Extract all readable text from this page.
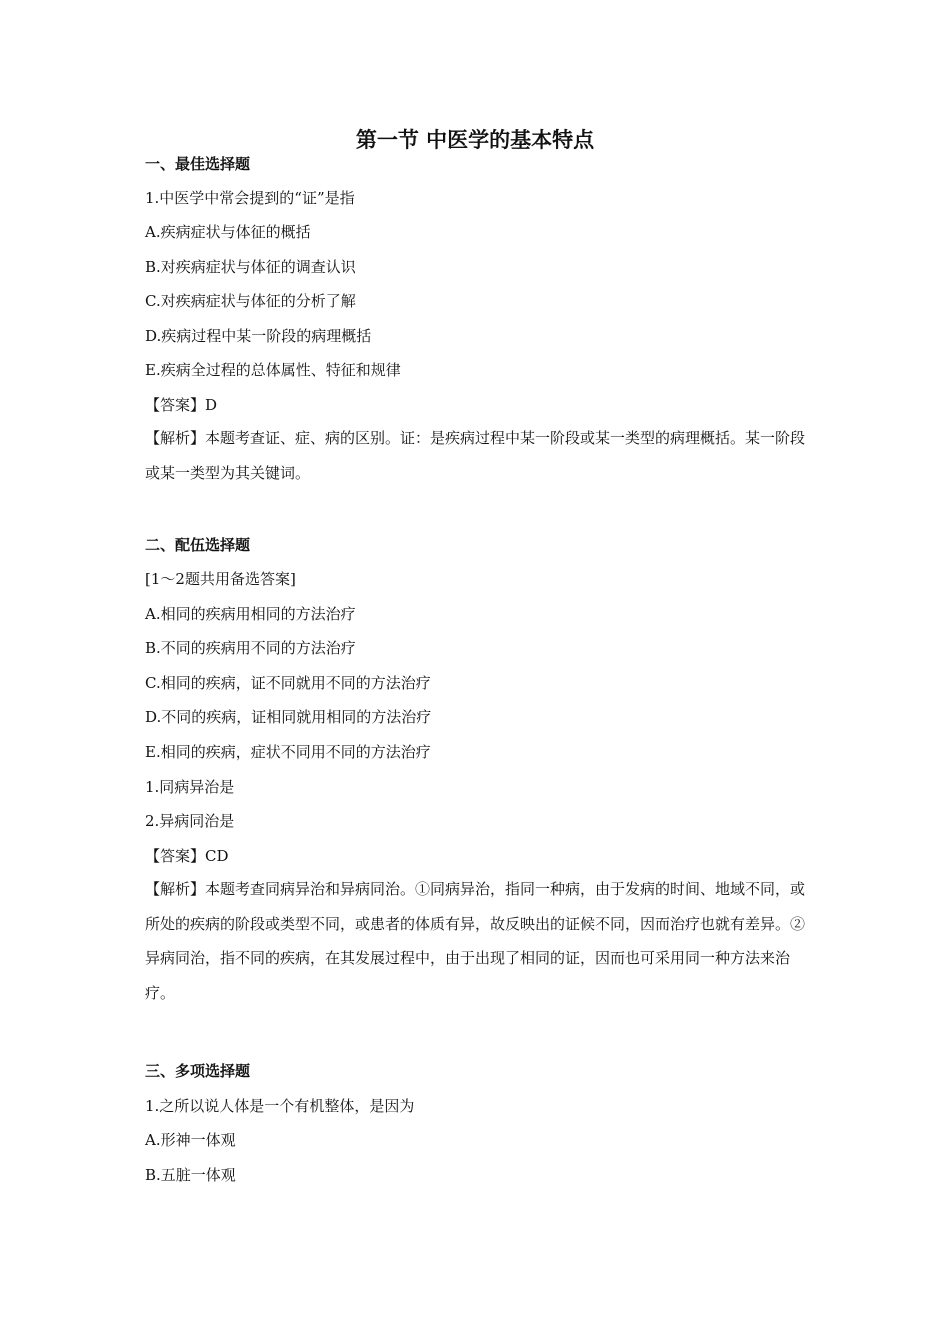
第一节 中医学的基本特点
一、最佳选择题
1.中医学中常会提到的“证”是指
A.疾病症状与体征的概括
B.对疾病症状与体征的调查认识
C.对疾病症状与体征的分析了解
D.疾病过程中某一阶段的病理概括
E.疾病全过程的总体属性、特征和规律
【答案】D
【解析】本题考查证、症、病的区别。证：是疾病过程中某一阶段或某一类型的病理概括。某一阶段或某一类型为其关键词。
二、配伍选择题
[1～2题共用备选答案]
A.相同的疾病用相同的方法治疗
B.不同的疾病用不同的方法治疗
C.相同的疾病，证不同就用不同的方法治疗
D.不同的疾病，证相同就用相同的方法治疗
E.相同的疾病，症状不同用不同的方法治疗
1.同病异治是
2.异病同治是
【答案】CD
【解析】本题考查同病异治和异病同治。①同病异治，指同一种病，由于发病的时间、地域不同，或所处的疾病的阶段或类型不同，或患者的体质有异，故反映出的证候不同，因而治疗也就有差异。②异病同治，指不同的疾病，在其发展过程中，由于出现了相同的证，因而也可采用同一种方法来治疗。
三、多项选择题
1.之所以说人体是一个有机整体，是因为
A.形神一体观
B.五脏一体观
